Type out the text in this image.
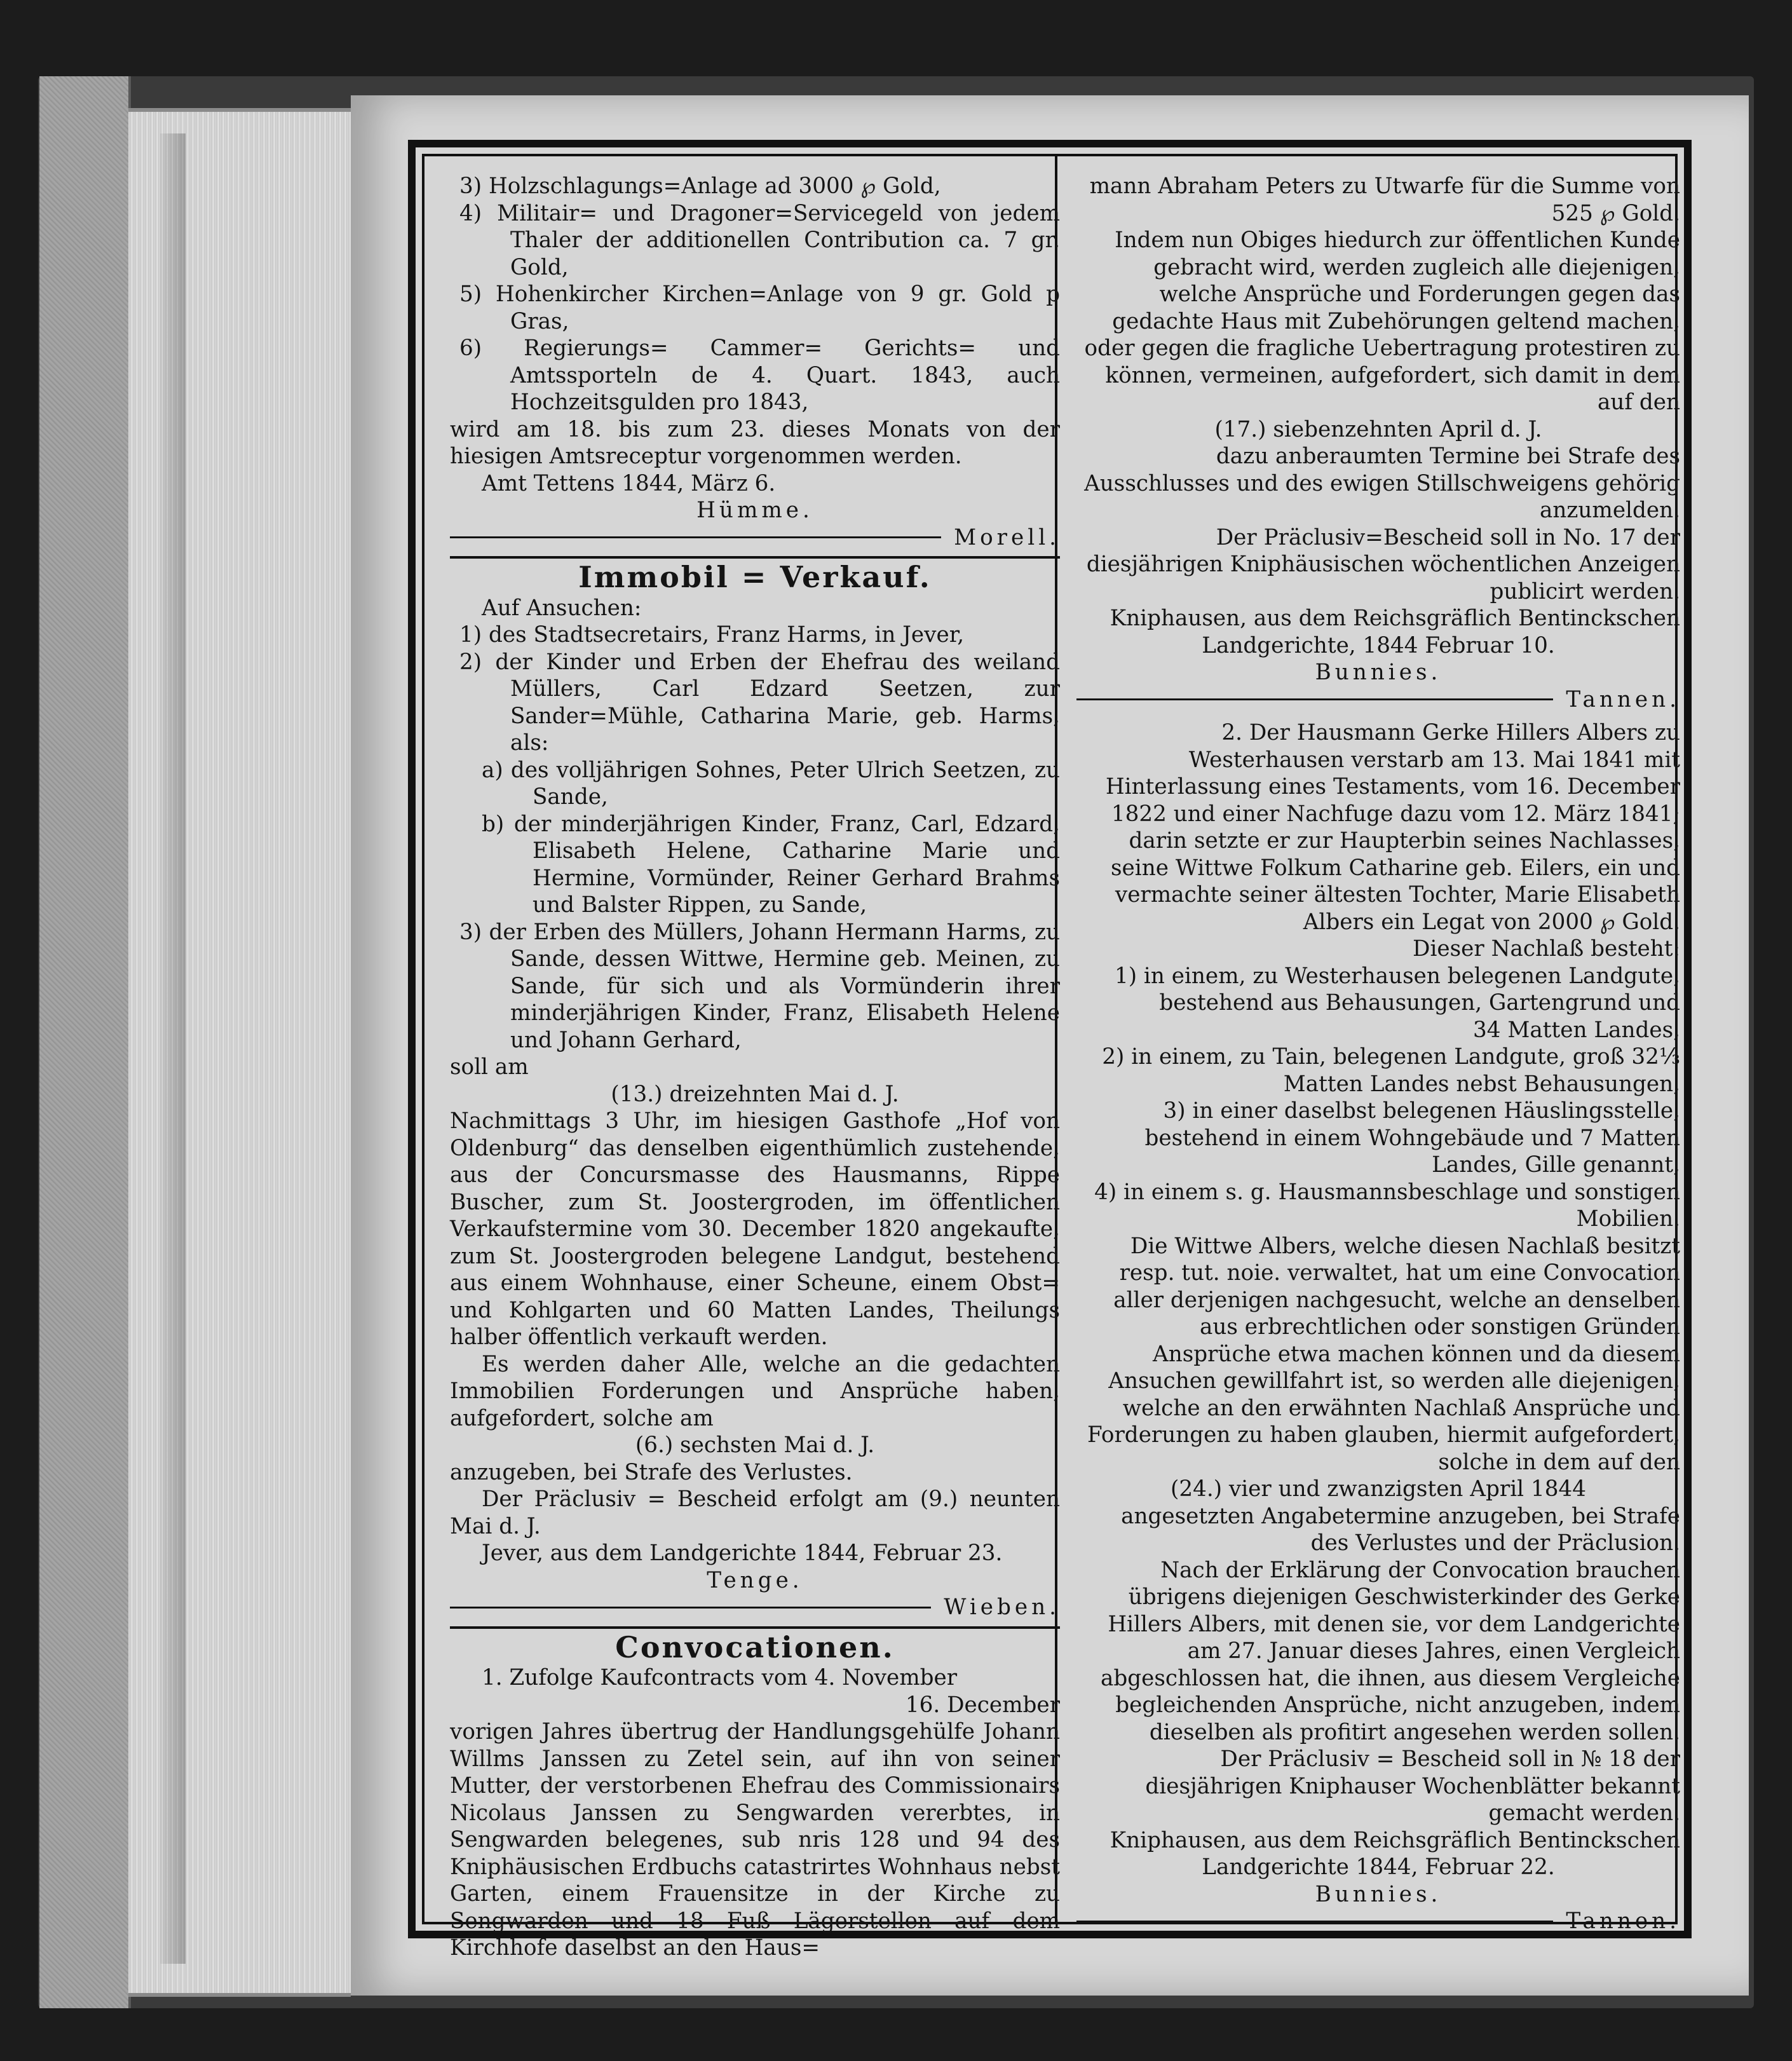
3) Holzschlagungs=Anlage ad 3000 ℘ Gold,

4) Militair= und Dragoner=Servicegeld von jedem Thaler der additionellen Contribution ca. 7 gr. Gold,

5) Hohenkircher Kirchen=Anlage von 9 gr. Gold p Gras,

6) Regierungs= Cammer= Gerichts= und Amtssporteln de 4. Quart. 1843, auch Hochzeitsgulden pro 1843,

wird am 18. bis zum 23. dieses Monats von der hiesigen Amtsreceptur vorgenommen werden.

Amt Tettens 1844, März 6.

Hümme.

Morell.
Immobil = Verkauf.

Auf Ansuchen:

1) des Stadtsecretairs, Franz Harms, in Jever,

2) der Kinder und Erben der Ehefrau des weiland Müllers, Carl Edzard Seetzen, zur Sander=Mühle, Catharina Marie, geb. Harms, als:

a) des volljährigen Sohnes, Peter Ulrich Seetzen, zu Sande,

b) der minderjährigen Kinder, Franz, Carl, Edzard, Elisabeth Helene, Catharine Marie und Hermine, Vormünder, Reiner Gerhard Brahms und Balster Rippen, zu Sande,

3) der Erben des Müllers, Johann Hermann Harms, zu Sande, dessen Wittwe, Hermine geb. Meinen, zu Sande, für sich und als Vormünderin ihrer minderjährigen Kinder, Franz, Elisabeth Helene und Johann Gerhard,

soll am

(13.) dreizehnten Mai d. J.

Nachmittags 3 Uhr, im hiesigen Gasthofe „Hof von Oldenburg“ das denselben eigenthümlich zustehende, aus der Concursmasse des Hausmanns, Rippe Buscher, zum St. Joostergroden, im öffentlichen Verkaufstermine vom 30. December 1820 angekaufte, zum St. Joostergroden belegene Landgut, bestehend aus einem Wohnhause, einer Scheune, einem Obst= und Kohlgarten und 60 Matten Landes, Theilungs halber öffentlich verkauft werden.

Es werden daher Alle, welche an die gedachten Immobilien Forderungen und Ansprüche haben, aufgefordert, solche am

(6.) sechsten Mai d. J.

anzugeben, bei Strafe des Verlustes.

Der Präclusiv = Bescheid erfolgt am (9.) neunten Mai d. J.

Jever, aus dem Landgerichte 1844, Februar 23.

Tenge.

Wieben.
Convocationen.

1. Zufolge Kaufcontracts vom 4. November

16. December

vorigen Jahres übertrug der Handlungsgehülfe Johann Willms Janssen zu Zetel sein, auf ihn von seiner Mutter, der verstorbenen Ehefrau des Commissionairs Nicolaus Janssen zu Sengwarden vererbtes, in Sengwarden belegenes, sub nris 128 und 94 des Kniphäusischen Erdbuchs catastrirtes Wohnhaus nebst Garten, einem Frauensitze in der Kirche zu Sengwarden und 18 Fuß Lägerstellen auf dem Kirchhofe daselbst an den Haus=

mann Abraham Peters zu Utwarfe für die Summe von 525 ℘ Gold.

Indem nun Obiges hiedurch zur öffentlichen Kunde gebracht wird, werden zugleich alle diejenigen, welche Ansprüche und Forderungen gegen das gedachte Haus mit Zubehörungen geltend machen, oder gegen die fragliche Uebertragung protestiren zu können, vermeinen, aufgefordert, sich damit in dem auf den

(17.) siebenzehnten April d. J.

dazu anberaumten Termine bei Strafe des Ausschlusses und des ewigen Stillschweigens gehörig anzumelden.

Der Präclusiv=Bescheid soll in No. 17 der diesjährigen Kniphäusischen wöchentlichen Anzeigen publicirt werden.

Kniphausen, aus dem Reichsgräflich Bentinckschen

Landgerichte, 1844 Februar 10.

Bunnies.

Tannen.

2. Der Hausmann Gerke Hillers Albers zu Westerhausen verstarb am 13. Mai 1841 mit Hinterlassung eines Testaments, vom 16. December 1822 und einer Nachfuge dazu vom 12. März 1841; darin setzte er zur Haupterbin seines Nachlasses, seine Wittwe Folkum Catharine geb. Eilers, ein und vermachte seiner ältesten Tochter, Marie Elisabeth Albers ein Legat von 2000 ℘ Gold.

Dieser Nachlaß besteht:

1) in einem, zu Westerhausen belegenen Landgute, bestehend aus Behausungen, Gartengrund und 34 Matten Landes,

2) in einem, zu Tain, belegenen Landgute, groß 32⅓ Matten Landes nebst Behausungen,

3) in einer daselbst belegenen Häuslingsstelle, bestehend in einem Wohngebäude und 7 Matten Landes, Gille genannt,

4) in einem s. g. Hausmannsbeschlage und sonstigen Mobilien.

Die Wittwe Albers, welche diesen Nachlaß besitzt resp. tut. noie. verwaltet, hat um eine Convocation aller derjenigen nachgesucht, welche an denselben aus erbrechtlichen oder sonstigen Gründen Ansprüche etwa machen können und da diesem Ansuchen gewillfahrt ist, so werden alle diejenigen, welche an den erwähnten Nachlaß Ansprüche und Forderungen zu haben glauben, hiermit aufgefordert, solche in dem auf den

(24.) vier und zwanzigsten April 1844

angesetzten Angabetermine anzugeben, bei Strafe des Verlustes und der Präclusion.

Nach der Erklärung der Convocation brauchen übrigens diejenigen Geschwisterkinder des Gerke Hillers Albers, mit denen sie, vor dem Landgerichte am 27. Januar dieses Jahres, einen Vergleich abgeschlossen hat, die ihnen, aus diesem Vergleiche begleichenden Ansprüche, nicht anzugeben, indem dieselben als profitirt angesehen werden sollen.

Der Präclusiv = Bescheid soll in № 18 der diesjährigen Kniphauser Wochenblätter bekannt gemacht werden.

Kniphausen, aus dem Reichsgräflich Bentinckschen

Landgerichte 1844, Februar 22.

Bunnies.

Tannen.
